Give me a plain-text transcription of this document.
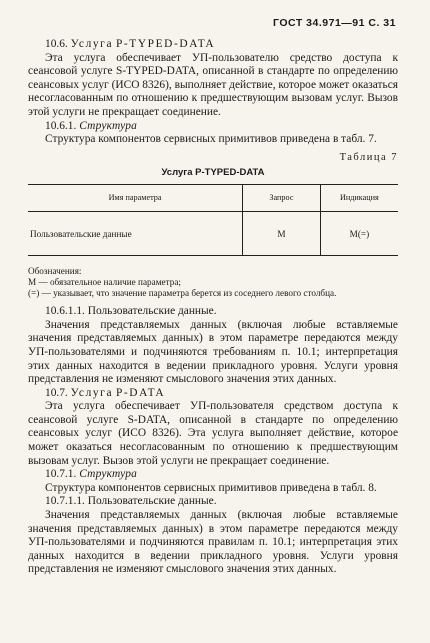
ГОСТ 34.971—91 С. 31

10.6. Услуга P-TYPED-DATA

Эта услуга обеспечивает УП-пользователю средство доступа к сеансовой услуге S-TYPED-DATA, описанной в стандарте по определению сеансовых услуг (ИСО 8326), выполняет действие, которое может оказаться несогласованным по отношению к предшествующим вызовам услуг. Вызов этой услуги не прекращает соединение.

10.6.1. Структура

Структура компонентов сервисных примитивов приведена в табл. 7.

Таблица 7
Услуга P-TYPED-DATA
Имя параметра	Запрос	Индикация
Пользовательские данные	М	М(=)
Обозначения:
М — обязательное наличие параметра;
(=) — указывает, что значение параметра берется из соседнего левого столбца.

10.6.1.1. Пользовательские данные.

Значения представляемых данных (включая любые вставляемые значения представляемых данных) в этом параметре передаются между УП-пользователями и подчиняются требованиям п. 10.1; интерпретация этих данных находится в ведении прикладного уровня. Услуги уровня представления не изменяют смыслового значения этих данных.

10.7. Услуга P-DATA

Эта услуга обеспечивает УП-пользователя средством доступа к сеансовой услуге S-DATA, описанной в стандарте по определению сеансовых услуг (ИСО 8326). Эта услуга выполняет действие, которое может оказаться несогласованным по отношению к предшествующим вызовам услуг. Вызов этой услуги не прекращает соединение.

10.7.1. Структура

Структура компонентов сервисных примитивов приведена в табл. 8.

10.7.1.1. Пользовательские данные.

Значения представляемых данных (включая любые вставляемые значения представляемых данных) в этом параметре передаются между УП-пользователями и подчиняются правилам п. 10.1; интерпретация этих данных находится в ведении прикладного уровня. Услуги уровня представления не изменяют смыслового значения этих данных.
